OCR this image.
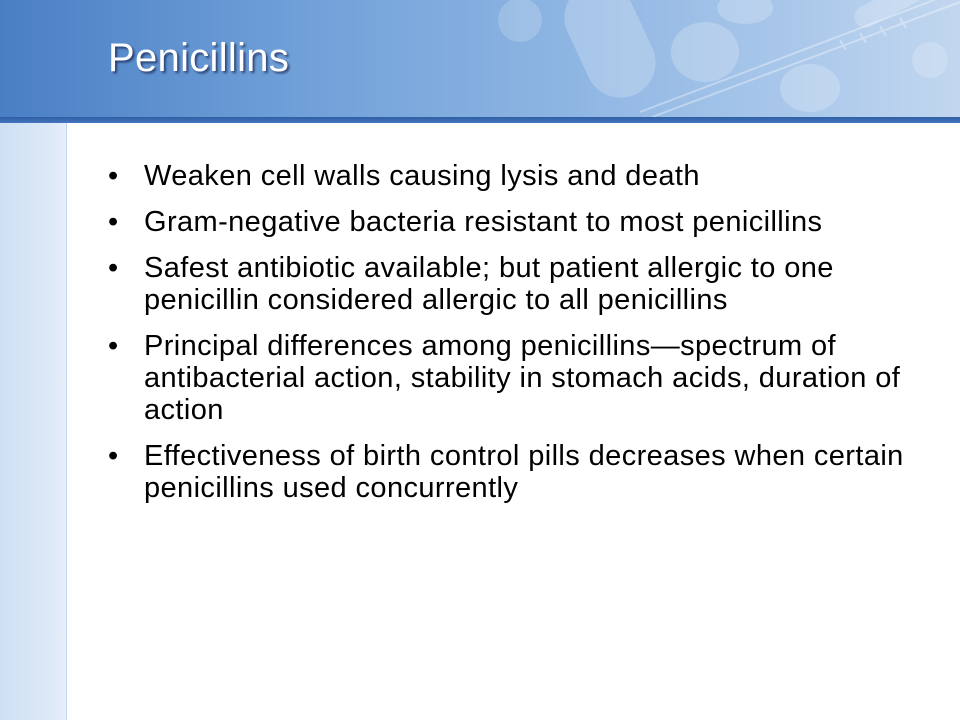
Penicillins
• Weaken cell walls causing lysis and death
• Gram-negative bacteria resistant to most penicillins
• Safest antibiotic available; but patient allergic to one penicillin considered allergic to all penicillins
• Principal differences among penicillins—spectrum of antibacterial action, stability in stomach acids, duration of action
• Effectiveness of birth control pills decreases when certain penicillins used concurrently
